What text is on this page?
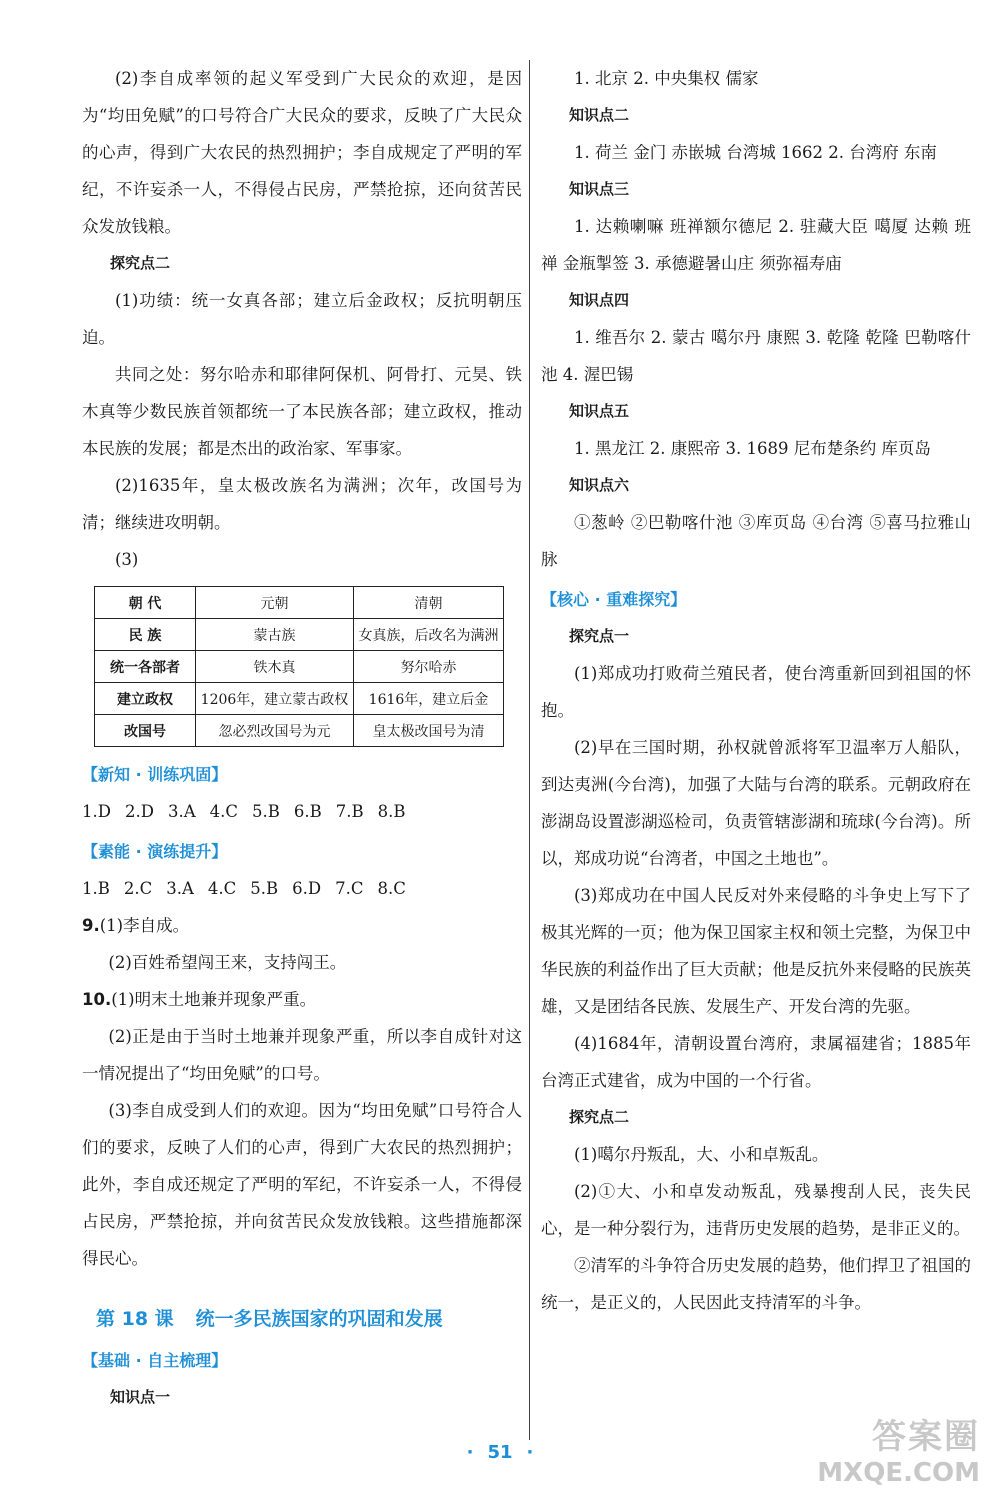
(2)李自成率领的起义军受到广大民众的欢迎，是因为“均田免赋”的口号符合广大民众的要求，反映了广大民众的心声，得到广大农民的热烈拥护；李自成规定了严明的军纪，不许妄杀一人，不得侵占民房，严禁抢掠，还向贫苦民众发放钱粮。

探究点二

(1)功绩：统一女真各部；建立后金政权；反抗明朝压迫。

共同之处：努尔哈赤和耶律阿保机、阿骨打、元昊、铁木真等少数民族首领都统一了本民族各部；建立政权，推动本民族的发展；都是杰出的政治家、军事家。

(2)1635年，皇太极改族名为满洲；次年，改国号为清；继续进攻明朝。

(3)

朝 代	元朝	清朝
民 族	蒙古族	女真族，后改名为满洲
统一各部者	铁木真	努尔哈赤
建立政权	1206年，建立蒙古政权	1616年，建立后金
改国号	忽必烈改国号为元	皇太极改国号为清
【新知 · 训练巩固】

1.D 2.D 3.A 4.C 5.B 6.B 7.B 8.B

【素能 · 演练提升】

1.B 2.C 3.A 4.C 5.B 6.D 7.C 8.C

9.(1)李自成。

(2)百姓希望闯王来，支持闯王。

10.(1)明末土地兼并现象严重。

(2)正是由于当时土地兼并现象严重，所以李自成针对这一情况提出了“均田免赋”的口号。

(3)李自成受到人们的欢迎。因为“均田免赋”口号符合人们的要求，反映了人们的心声，得到广大农民的热烈拥护；此外，李自成还规定了严明的军纪，不许妄杀一人，不得侵占民房，严禁抢掠，并向贫苦民众发放钱粮。这些措施都深得民心。

第 18 课 统一多民族国家的巩固和发展
【基础 · 自主梳理】
知识点一

1. 北京 2. 中央集权 儒家

知识点二

1. 荷兰 金门 赤嵌城 台湾城 1662 2. 台湾府 东南

知识点三

1. 达赖喇嘛 班禅额尔德尼 2. 驻藏大臣 噶厦 达赖 班禅 金瓶掣签 3. 承德避暑山庄 须弥福寿庙

知识点四

1. 维吾尔 2. 蒙古 噶尔丹 康熙 3. 乾隆 乾隆 巴勒喀什池 4. 渥巴锡

知识点五

1. 黑龙江 2. 康熙帝 3. 1689 尼布楚条约 库页岛

知识点六

①葱岭 ②巴勒喀什池 ③库页岛 ④台湾 ⑤喜马拉雅山脉

【核心 · 重难探究】
探究点一

(1)郑成功打败荷兰殖民者，使台湾重新回到祖国的怀抱。

(2)早在三国时期，孙权就曾派将军卫温率万人船队，到达夷洲(今台湾)，加强了大陆与台湾的联系。元朝政府在澎湖岛设置澎湖巡检司，负责管辖澎湖和琉球(今台湾)。所以，郑成功说“台湾者，中国之土地也”。

(3)郑成功在中国人民反对外来侵略的斗争史上写下了极其光辉的一页；他为保卫国家主权和领土完整，为保卫中华民族的利益作出了巨大贡献；他是反抗外来侵略的民族英雄，又是团结各民族、发展生产、开发台湾的先驱。

(4)1684年，清朝设置台湾府，隶属福建省；1885年台湾正式建省，成为中国的一个行省。

探究点二

(1)噶尔丹叛乱，大、小和卓叛乱。

(2)①大、小和卓发动叛乱，残暴搜刮人民，丧失民心，是一种分裂行为，违背历史发展的趋势，是非正义的。

②清军的斗争符合历史发展的趋势，他们捍卫了祖国的统一，是正义的，人民因此支持清军的斗争。

· 51 ·	答案圈
MXQE.COM
